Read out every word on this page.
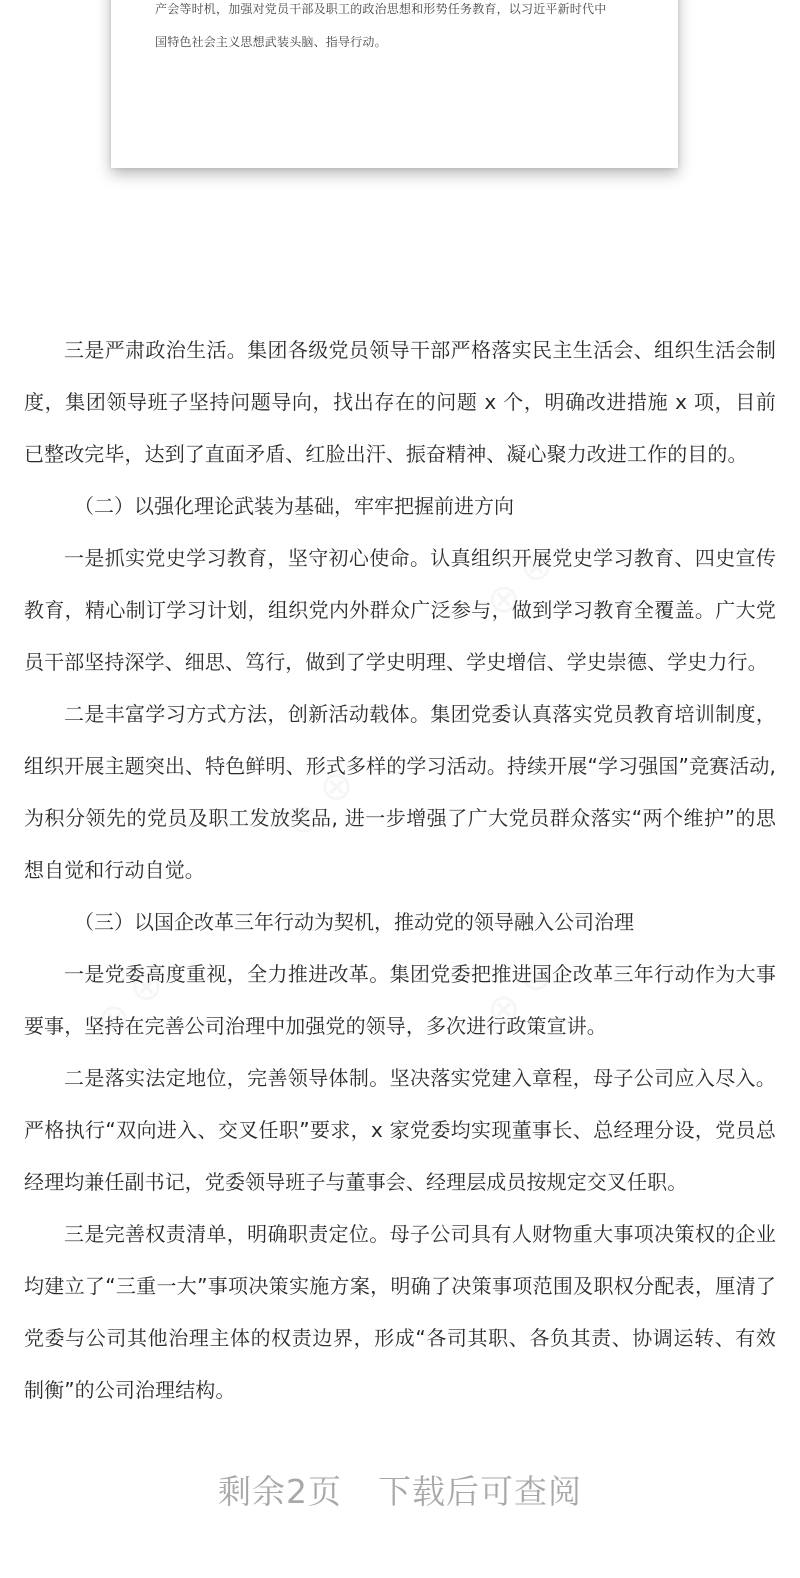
产会等时机，加强对党员干部及职工的政治思想和形势任务教育，以习近平新时代中
国特色社会主义思想武装头脑、指导行动。

三是严肃政治生活。集团各级党员领导干部严格落实民主生活会、组织生活会制度，集团领导班子坚持问题导向，找出存在的问题 x 个，明确改进措施 x 项，目前已整改完毕，达到了直面矛盾、红脸出汗、振奋精神、凝心聚力改进工作的目的。

（二）以强化理论武装为基础，牢牢把握前进方向

一是抓实党史学习教育，坚守初心使命。认真组织开展党史学习教育、四史宣传教育，精心制订学习计划，组织党内外群众广泛参与，做到学习教育全覆盖。广大党员干部坚持深学、细思、笃行，做到了学史明理、学史增信、学史崇德、学史力行。

二是丰富学习方式方法，创新活动载体。集团党委认真落实党员教育培训制度，组织开展主题突出、特色鲜明、形式多样的学习活动。持续开展“学习强国”竞赛活动, 为积分领先的党员及职工发放奖品, 进一步增强了广大党员群众落实“两个维护”的思想自觉和行动自觉。

（三）以国企改革三年行动为契机，推动党的领导融入公司治理

一是党委高度重视，全力推进改革。集团党委把推进国企改革三年行动作为大事要事，坚持在完善公司治理中加强党的领导，多次进行政策宣讲。

二是落实法定地位，完善领导体制。坚决落实党建入章程，母子公司应入尽入。严格执行“双向进入、交叉任职”要求，x 家党委均实现董事长、总经理分设，党员总经理均兼任副书记，党委领导班子与董事会、经理层成员按规定交叉任职。

三是完善权责清单，明确职责定位。母子公司具有人财物重大事项决策权的企业均建立了“三重一大”事项决策实施方案，明确了决策事项范围及职权分配表，厘清了党委与公司其他治理主体的权责边界，形成“各司其职、各负其责、协调运转、有效制衡”的公司治理结构。

剩余2页 下载后可查阅
